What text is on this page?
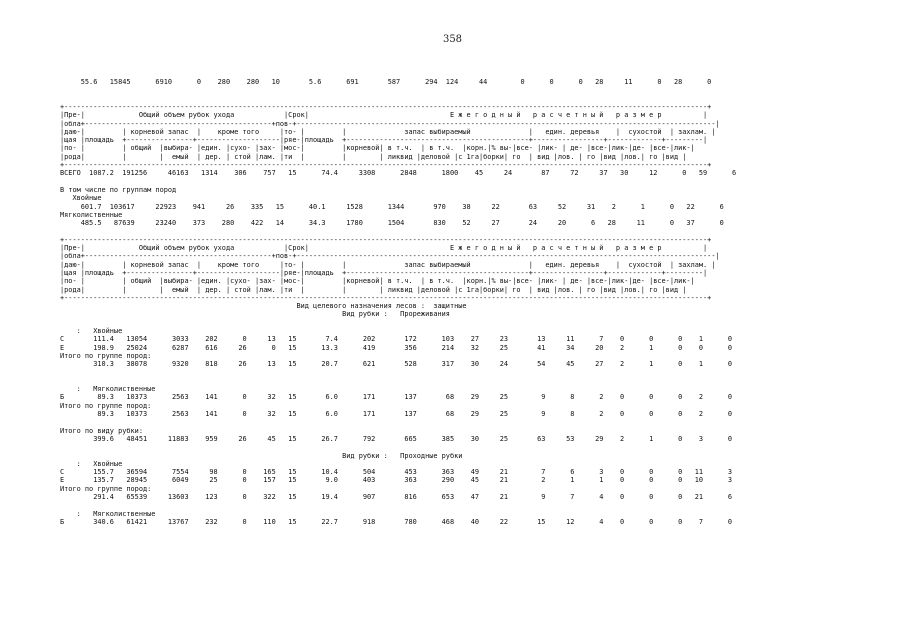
358
55.6   15845      6910      0    280    280   10       5.6      691       587      294  124     44        0      0      0   28     11      0   28      0
+-----------------------------------------------------------------------------------------------------------------------------------------------------------+
|Пре-|             Общий объем рубок ухода            |Срок|                                  Е ж е г о д н ы й   р а с ч е т н ы й   р а з м е р          |
|обла+---------------------------------------------+пов-+-----------------------------------------------------------------------------------------------------|
|даю-|         | корневой запас  |    кроме того     |то- |         |              запас выбираемый              |   един. деревья    |  сухостой  | захлам. |
|щая |площадь  +----------------+--------------------|ряе-|площадь  +--------------------------------------------+-----------------+-------------+---------|
|по- |         | общий  |выбира- |един. |сухо- |зах- |мос-|         |корневой| в т.ч.  | в т.ч.  |корн.|% вы-|все- |лик- | де- |все-|лик-|де- |все-|лик-|
|рода|         |        |  емый  | дер. | стой |лам. |ти  |         |        | ликвид |деловой |с 1га|борки| го  | вид |лов. | го |вид |лов.| го |вид |
+-----------------------------------------------------------------------------------------------------------------------------------------------------------+
ВСЕГО  1087.2  191256     46163   1314    306    757   15      74.4     3308      2848      1800    45     24       87     72     37   30     12      0   59      6
В том числе по группам пород
Хвойные
601.7  103617     22923    941     26    335   15      40.1     1528      1344       970    38     22       63     52     31    2      1      0   22      6
Мягколиственные
485.5   87639     23240    373    280    422   14      34.3     1780      1504       830    52     27       24     20      6   28     11      0   37      0
+-----------------------------------------------------------------------------------------------------------------------------------------------------------+
|Пре-|             Общий объем рубок ухода            |Срок|                                  Е ж е г о д н ы й   р а с ч е т н ы й   р а з м е р          |
|обла+---------------------------------------------+пов-+-----------------------------------------------------------------------------------------------------|
|даю-|         | корневой запас  |    кроме того     |то- |         |              запас выбираемый              |   един. деревья    |  сухостой  | захлам. |
|щая |площадь  +----------------+--------------------|ряе-|площадь  +--------------------------------------------+-----------------+-------------+---------|
|по- |         | общий  |выбира- |един. |сухо- |зах- |мос-|         |корневой| в т.ч.  | в т.ч.  |корн.|% вы-|все- |лик- | де- |все-|лик-|де- |все-|лик-|
|рода|         |        |  емый  | дер. | стой |лам. |ти  |         |        | ликвид |деловой |с 1га|борки| го  | вид |лов. | го |вид |лов.| го |вид |
+-----------------------------------------------------------------------------------------------------------------------------------------------------------+
Вид целевого назначения лесов :  защитные
Вид рубки :   Прореживания
:   Хвойные
С       111.4   13054      3033    202      0     13   15       7.4      202       172      103    27     23       13     11      7    0      0      0    1      0
Е       198.9   25024      6287    616     26      0   15      13.3      419       356      214    32     25       41     34     20    2      1      0    0      0
Итого по группе пород:
310.3   38078      9320    818     26     13   15      20.7      621       528      317    30     24       54     45     27    2      1      0    1      0
:   Мягколиственные
Б        89.3   10373      2563    141      0     32   15       6.0      171       137       68    29     25        9      8      2    0      0      0    2      0
Итого по группе пород:
89.3   10373      2563    141      0     32   15       6.0      171       137       68    29     25        9      8      2    0      0      0    2      0
Итого по виду рубки:
399.6   48451     11883    959     26     45   15      26.7      792       665      385    30     25       63     53     29    2      1      0    3      0
Вид рубки :   Проходные рубки
:   Хвойные
С       155.7   36594      7554     98      0    165   15      10.4      504       453      363    49     21        7      6      3    0      0      0   11      3
Е       135.7   28945      6049     25      0    157   15       9.0      403       363      290    45     21        2      1      1    0      0      0   10      3
Итого по группе пород:
291.4   65539     13603    123      0    322   15      19.4      907       816      653    47     21        9      7      4    0      0      0   21      6
:   Мягколиственные
Б       340.6   61421     13767    232      0    110   15      22.7      918       780      468    40     22       15     12      4    0      0      0    7      0
